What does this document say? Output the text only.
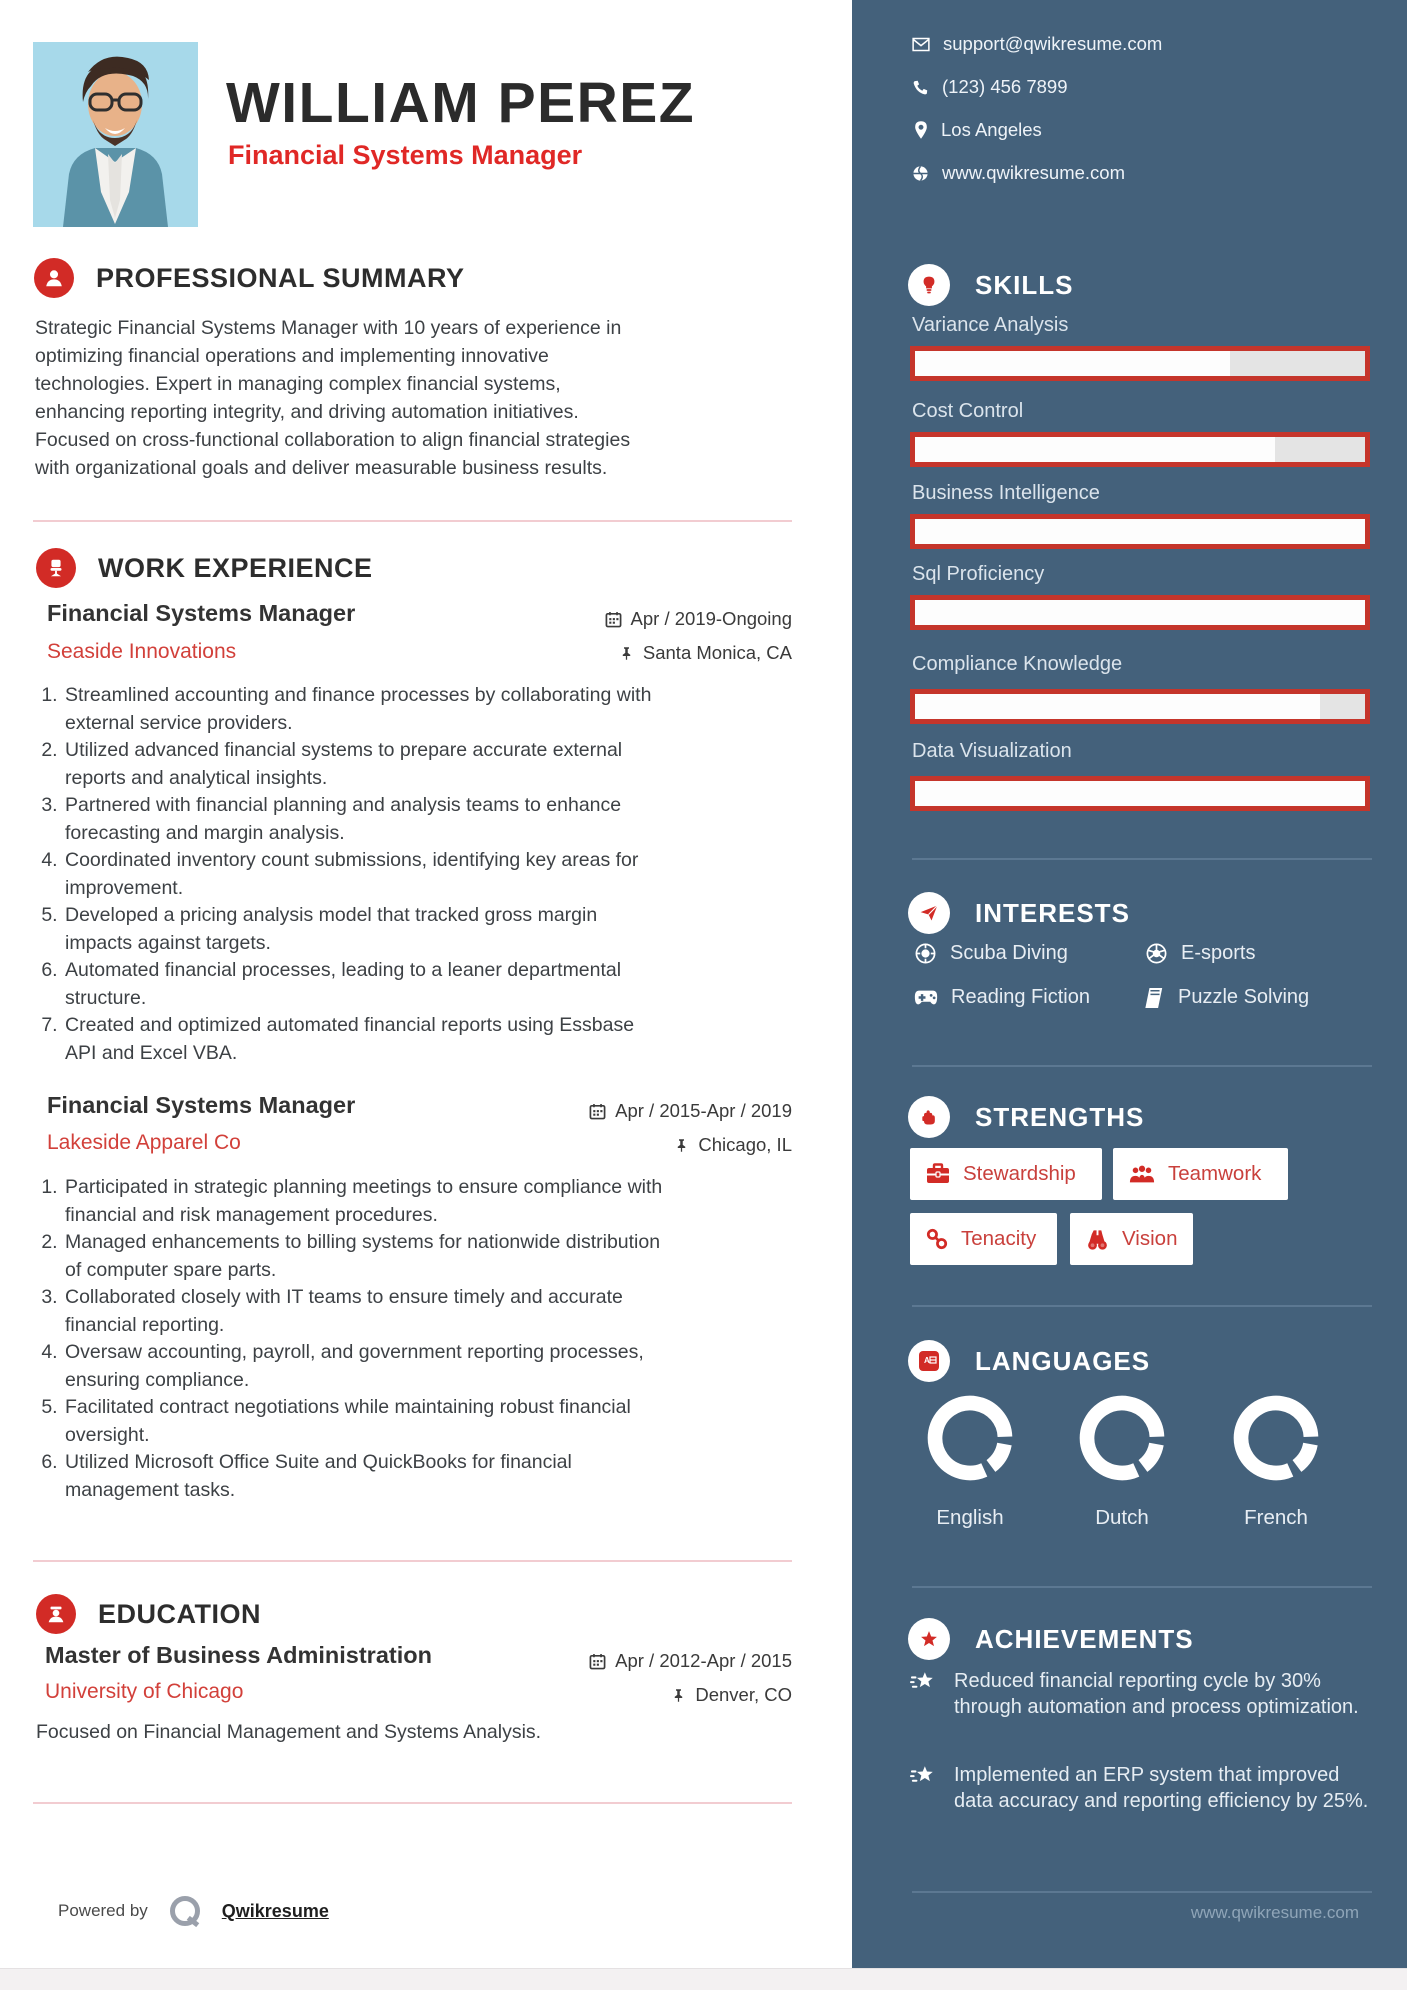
WILLIAM PEREZ
Financial Systems Manager
PROFESSIONAL SUMMARY
Strategic Financial Systems Manager with 10 years of experience in optimizing financial operations and implementing innovative technologies. Expert in managing complex financial systems, enhancing reporting integrity, and driving automation initiatives. Focused on cross-functional collaboration to align financial strategies with organizational goals and deliver measurable business results.
WORK EXPERIENCE
Financial Systems Manager
Seaside Innovations
Apr / 2019-Ongoing
Santa Monica, CA
1. Streamlined accounting and finance processes by collaborating with external service providers.
2. Utilized advanced financial systems to prepare accurate external reports and analytical insights.
3. Partnered with financial planning and analysis teams to enhance forecasting and margin analysis.
4. Coordinated inventory count submissions, identifying key areas for improvement.
5. Developed a pricing analysis model that tracked gross margin impacts against targets.
6. Automated financial processes, leading to a leaner departmental structure.
7. Created and optimized automated financial reports using Essbase API and Excel VBA.
Financial Systems Manager
Lakeside Apparel Co
Apr / 2015-Apr / 2019
Chicago, IL
1. Participated in strategic planning meetings to ensure compliance with financial and risk management procedures.
2. Managed enhancements to billing systems for nationwide distribution of computer spare parts.
3. Collaborated closely with IT teams to ensure timely and accurate financial reporting.
4. Oversaw accounting, payroll, and government reporting processes, ensuring compliance.
5. Facilitated contract negotiations while maintaining robust financial oversight.
6. Utilized Microsoft Office Suite and QuickBooks for financial management tasks.
EDUCATION
Master of Business Administration
University of Chicago
Apr / 2012-Apr / 2015
Denver, CO
Focused on Financial Management and Systems Analysis.
Powered by	Qwikresume
support@qwikresume.com
(123) 456 7899
Los Angeles
www.qwikresume.com
SKILLS
Variance Analysis
Cost Control
Business Intelligence
Sql Proficiency
Compliance Knowledge
Data Visualization
INTERESTS
Scuba Diving	E-sports
Reading Fiction	Puzzle Solving
STRENGTHS
Stewardship	Teamwork
Tenacity	Vision
A LANGUAGES
English	Dutch	French
ACHIEVEMENTS
Reduced financial reporting cycle by 30% through automation and process optimization.
Implemented an ERP system that improved data accuracy and reporting efficiency by 25%.
www.qwikresume.com
